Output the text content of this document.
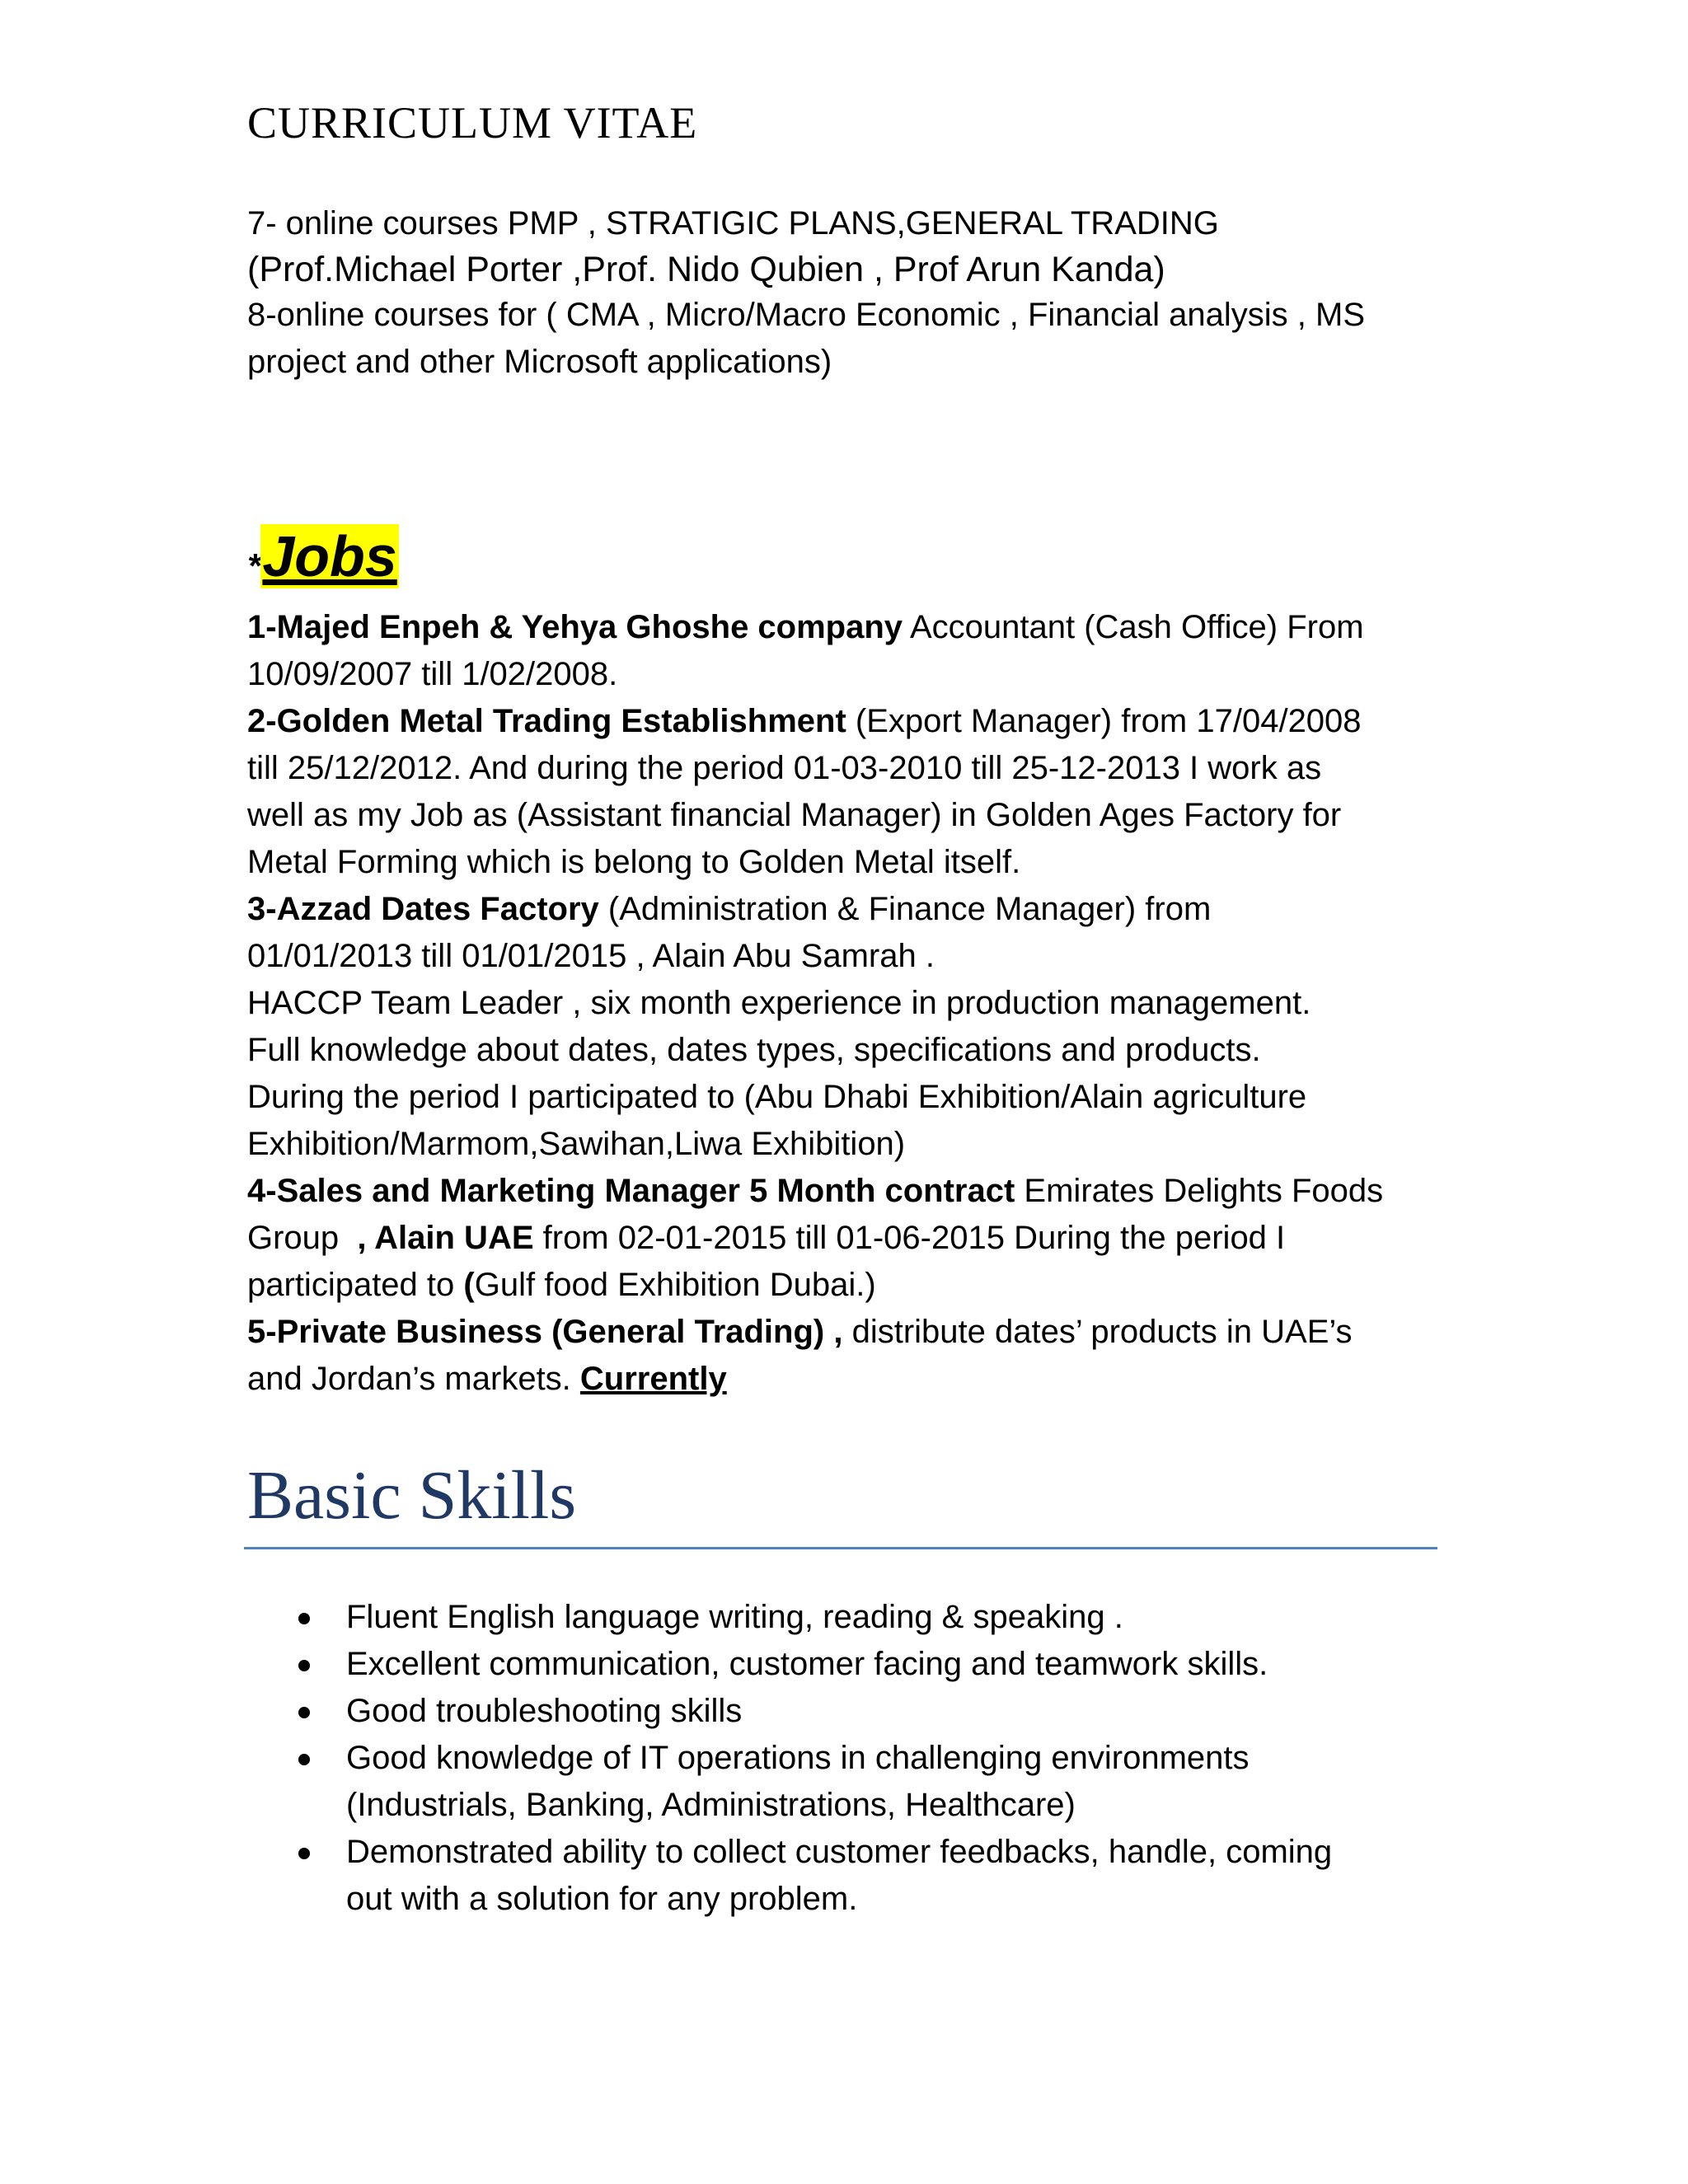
CURRICULUM VITAE

7- online courses PMP , STRATIGIC PLANS,GENERAL TRADING

(Prof.Michael Porter ,Prof. Nido Qubien , Prof Arun Kanda)

8-online courses for ( CMA , Micro/Macro Economic , Financial analysis , MS

project and other Microsoft applications)

*Jobs

1-Majed Enpeh & Yehya Ghoshe company Accountant (Cash Office) From

10/09/2007 till 1/02/2008.

2-Golden Metal Trading Establishment (Export Manager) from 17/04/2008

till 25/12/2012. And during the period 01-03-2010 till 25-12-2013 I work as

well as my Job as (Assistant financial Manager) in Golden Ages Factory for

Metal Forming which is belong to Golden Metal itself.

3-Azzad Dates Factory (Administration & Finance Manager) from

01/01/2013 till 01/01/2015 , Alain Abu Samrah .

HACCP Team Leader , six month experience in production management.

Full knowledge about dates, dates types, specifications and products.

During the period I participated to (Abu Dhabi Exhibition/Alain agriculture

Exhibition/Marmom,Sawihan,Liwa Exhibition)

4-Sales and Marketing Manager 5 Month contract Emirates Delights Foods

Group  , Alain UAE from 02-01-2015 till 01-06-2015 During the period I

participated to (Gulf food Exhibition Dubai.)

5-Private Business (General Trading) , distribute dates’ products in UAE’s

and Jordan’s markets. Currently

Basic Skills
Fluent English language writing, reading & speaking .
Excellent communication, customer facing and teamwork skills.
Good troubleshooting skills
Good knowledge of IT operations in challenging environments
(Industrials, Banking, Administrations, Healthcare)
Demonstrated ability to collect customer feedbacks, handle, coming
out with a solution for any problem.
